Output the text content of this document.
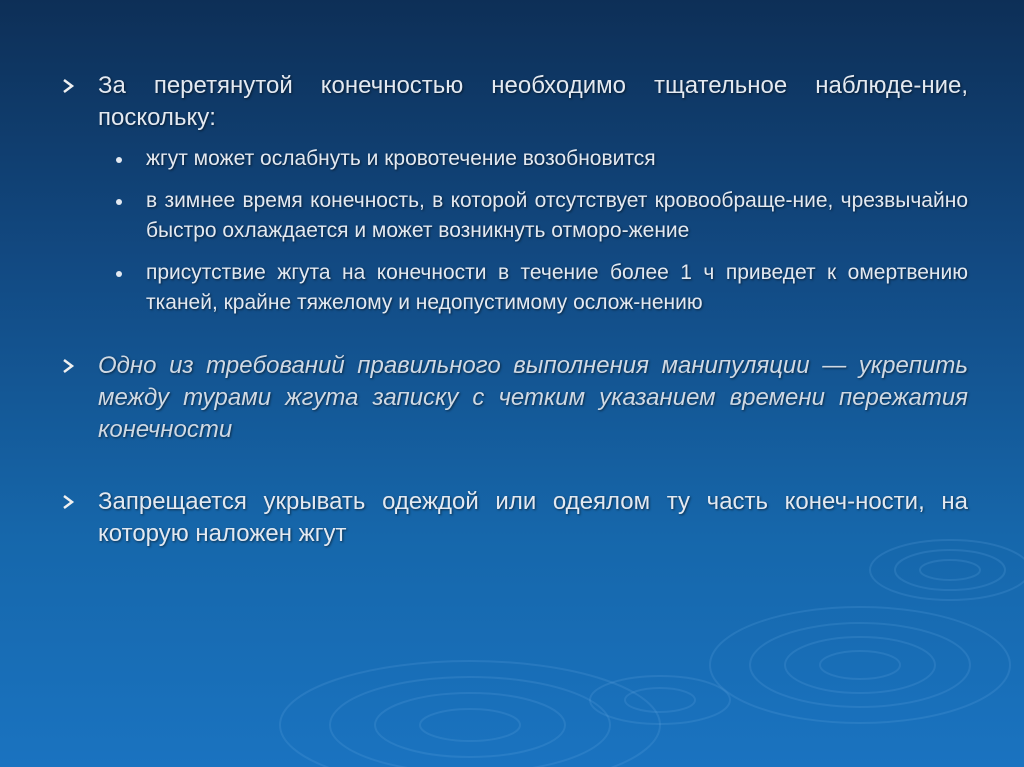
За перетянутой конечностью необходимо тщательное наблюде-ние, поскольку:
жгут может ослабнуть и кровотечение возобновится
в зимнее время конечность, в которой отсутствует кровообраще-ние, чрезвычайно быстро охлаждается и может возникнуть отморо-жение
присутствие жгута на конечности в течение более 1 ч приведет к омертвению тканей, крайне тяжелому и недопустимому ослож-нению
Одно из требований правильного выполнения манипуляции — укрепить между турами жгута записку с четким указанием времени пережатия конечности
Запрещается укрывать одеждой или одеялом ту часть конеч-ности, на которую наложен жгут
